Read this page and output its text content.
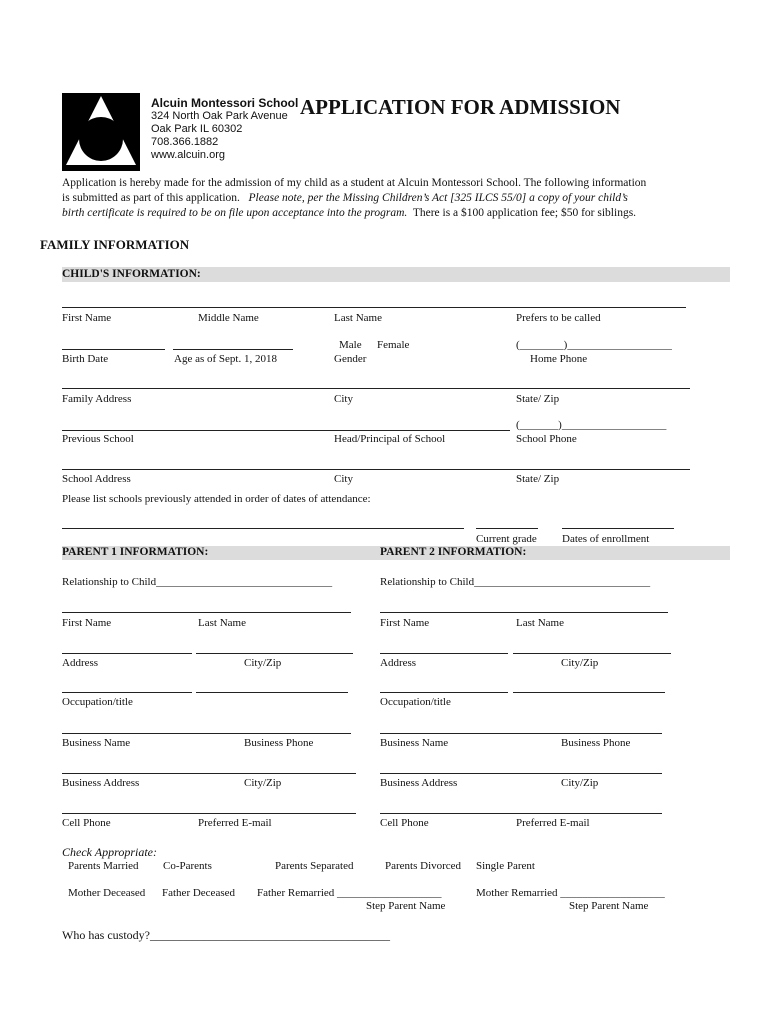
Alcuin Montessori School
324 North Oak Park Avenue
Oak Park IL 60302
708.366.1882
www.alcuin.org
APPLICATION FOR ADMISSION
Application is hereby made for the admission of my child as a student at Alcuin Montessori School. The following information
is submitted as part of this application. Please note, per the Missing Children’s Act [325 ILCS 55/0] a copy of your child’s
birth certificate is required to be on file upon acceptance into the program. There is a $100 application fee; $50 for siblings.
FAMILY INFORMATION
CHILD'S INFORMATION:
First Name	Middle Name	Last Name	Prefers to be called
Male Female	(________)___________________
Birth Date	Age as of Sept. 1, 2018	Gender	Home Phone
Family Address	City	State/ Zip
(_______)___________________
Previous School	Head/Principal of School	School Phone
School Address	City	State/ Zip
Please list schools previously attended in order of dates of attendance:
Current grade Dates of enrollment
PARENT 1 INFORMATION:	PARENT 2 INFORMATION:
Relationship to Child________________________________
First Name	Last Name
Address	City/Zip
Occupation/title
Business Name	Business Phone
Business Address	City/Zip
Cell Phone	Preferred E-mail
Relationship to Child________________________________
First Name	Last Name
Address	City/Zip
Occupation/title
Business Name	Business Phone
Business Address	City/Zip
Cell Phone	Preferred E-mail
Check Appropriate:
Parents Married Co-Parents	Parents Separated	Parents Divorced Single Parent
Mother Deceased Father Deceased Father Remarried ___________________	Mother Remarried ___________________
Step Parent Name	Step Parent Name
Who has custody?________________________________________
